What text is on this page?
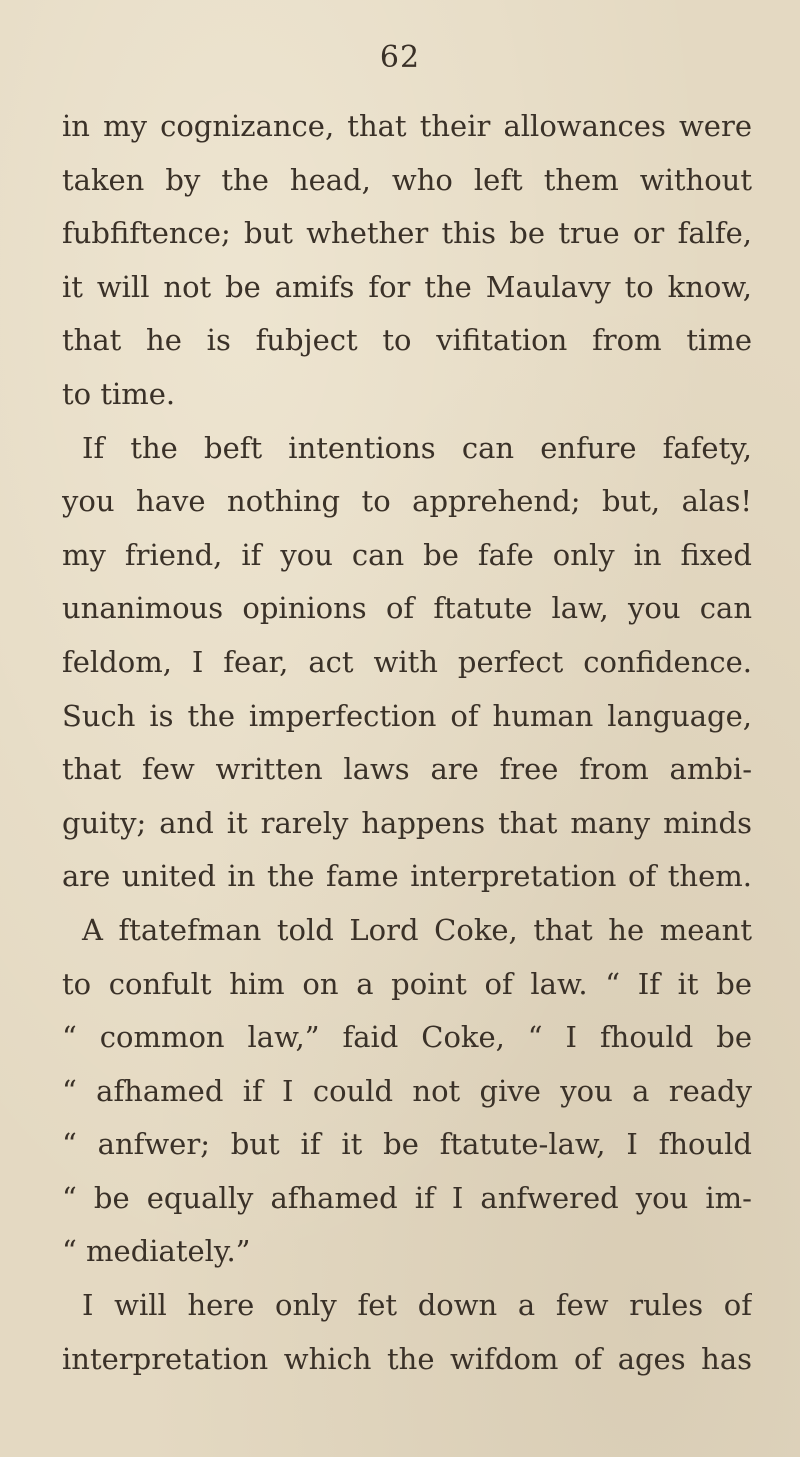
62
in my cognizance, that their allowances were
taken by the head, who left them without
fubfiftence; but whether this be true or falfe,
it will not be amifs for the Maulavy to know,
that he is fubject to vifitation from time
to time.
If the beft intentions can enfure fafety,
you have nothing to apprehend; but, alas!
my friend, if you can be fafe only in fixed
unanimous opinions of ftatute law, you can
feldom, I fear, act with perfect confidence.
Such is the imperfection of human language,
that few written laws are free from ambi-
guity; and it rarely happens that many minds
are united in the fame interpretation of them.
A ftatefman told Lord Coke, that he meant
to confult him on a point of law. “ If it be
“ common law,” faid Coke, “ I fhould be
“ afhamed if I could not give you a ready
“ anfwer; but if it be ftatute-law, I fhould
“ be equally afhamed if I anfwered you im-
“ mediately.”
I will here only fet down a few rules of
interpretation which the wifdom of ages has
